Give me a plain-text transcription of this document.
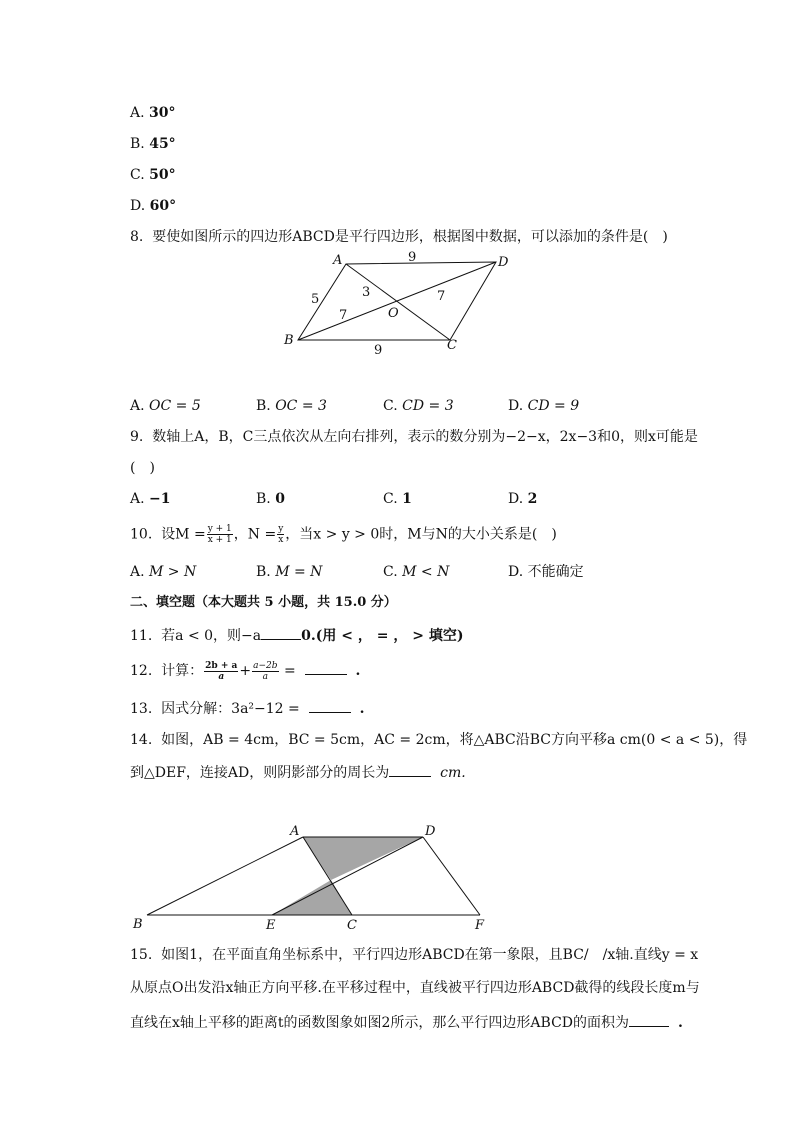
A. 30°
B. 45°
C. 50°
D. 60°
8. 要使如图所示的四边形ABCD是平行四边形，根据图中数据，可以添加的条件是(　)
A	D
B	C
O
9
9
5	3
7
7
A. OC = 5	B. OC = 3	C. CD = 3	D. CD = 9
9. 数轴上A，B，C三点依次从左向右排列，表示的数分别为−2−x，2x−3和0，则x可能是
(　)
A. −1	B. 0	C. 1	D. 2
10. 设$M = \frac{y + 1}{x + 1}$ ，$N = \frac{y}{x}$ ，当x > y > 0时，M与N的大小关系是(　)
A. M > N	B. M = N	C. M < N	D. 不能确定
二、填空题（本大题共 5 小题，共 15.0 分）
11. 若a < 0，则−a	0.(用 < ， = ， > 填空)
12. 计算： $\frac{2b + a}{a} + \frac{a-2b}{a}$ =	.
13. 因式分解：3a²−12 =	.
14. 如图，AB = 4cm，BC = 5cm，AC = 2cm，将△ABC沿BC方向平移a cm(0 < a < 5)，得
到△DEF，连接AD，则阴影部分的周长为	cm.
A	D
B	E	C	F
15. 如图1，在平面直角坐标系中，平行四边形ABCD在第一象限，且BC/　/x轴.直线y = x
从原点O出发沿x轴正方向平移.在平移过程中，直线被平行四边形ABCD截得的线段长度m与
直线在x轴上平移的距离t的函数图象如图2所示，那么平行四边形ABCD的面积为	.
